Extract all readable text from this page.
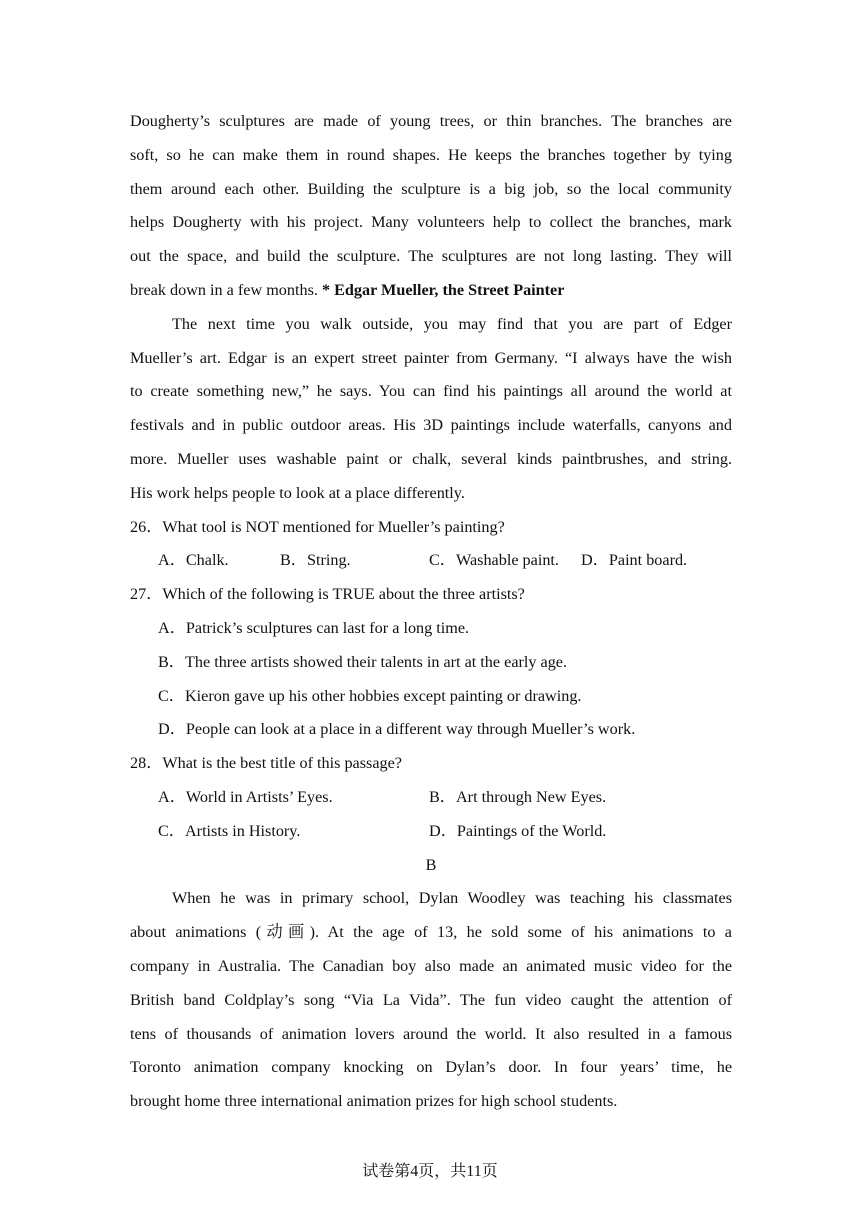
Dougherty’s sculptures are made of young trees, or thin branches. The branches are
soft, so he can make them in round shapes. He keeps the branches together by tying
them around each other. Building the sculpture is a big job, so the local community
helps Dougherty with his project. Many volunteers help to collect the branches, mark
out the space, and build the sculpture. The sculptures are not long lasting. They will
break down in a few months. * Edgar Mueller, the Street Painter
The next time you walk outside, you may find that you are part of Edger
Mueller’s art. Edgar is an expert street painter from Germany. “I always have the wish
to create something new,” he says. You can find his paintings all around the world at
festivals and in public outdoor areas. His 3D paintings include waterfalls, canyons and
more. Mueller uses washable paint or chalk, several kinds paintbrushes, and string.
His work helps people to look at a place differently.
26．What tool is NOT mentioned for Mueller’s painting?
A．Chalk.	B．String.	C．Washable paint. D．Paint board.
27．Which of the following is TRUE about the three artists?
A．Patrick’s sculptures can last for a long time.
B．The three artists showed their talents in art at the early age.
C．Kieron gave up his other hobbies except painting or drawing.
D．People can look at a place in a different way through Mueller’s work.
28．What is the best title of this passage?
A．World in Artists’ Eyes.	B．Art through New Eyes.
C．Artists in History.	D．Paintings of the World.
B
When he was in primary school, Dylan Woodley was teaching his classmates
about animations (动画). At the age of 13, he sold some of his animations to a
company in Australia. The Canadian boy also made an animated music video for the
British band Coldplay’s song “Via La Vida”. The fun video caught the attention of
tens of thousands of animation lovers around the world. It also resulted in a famous
Toronto animation company knocking on Dylan’s door. In four years’ time, he
brought home three international animation prizes for high school students.
试卷第4页，共11页
